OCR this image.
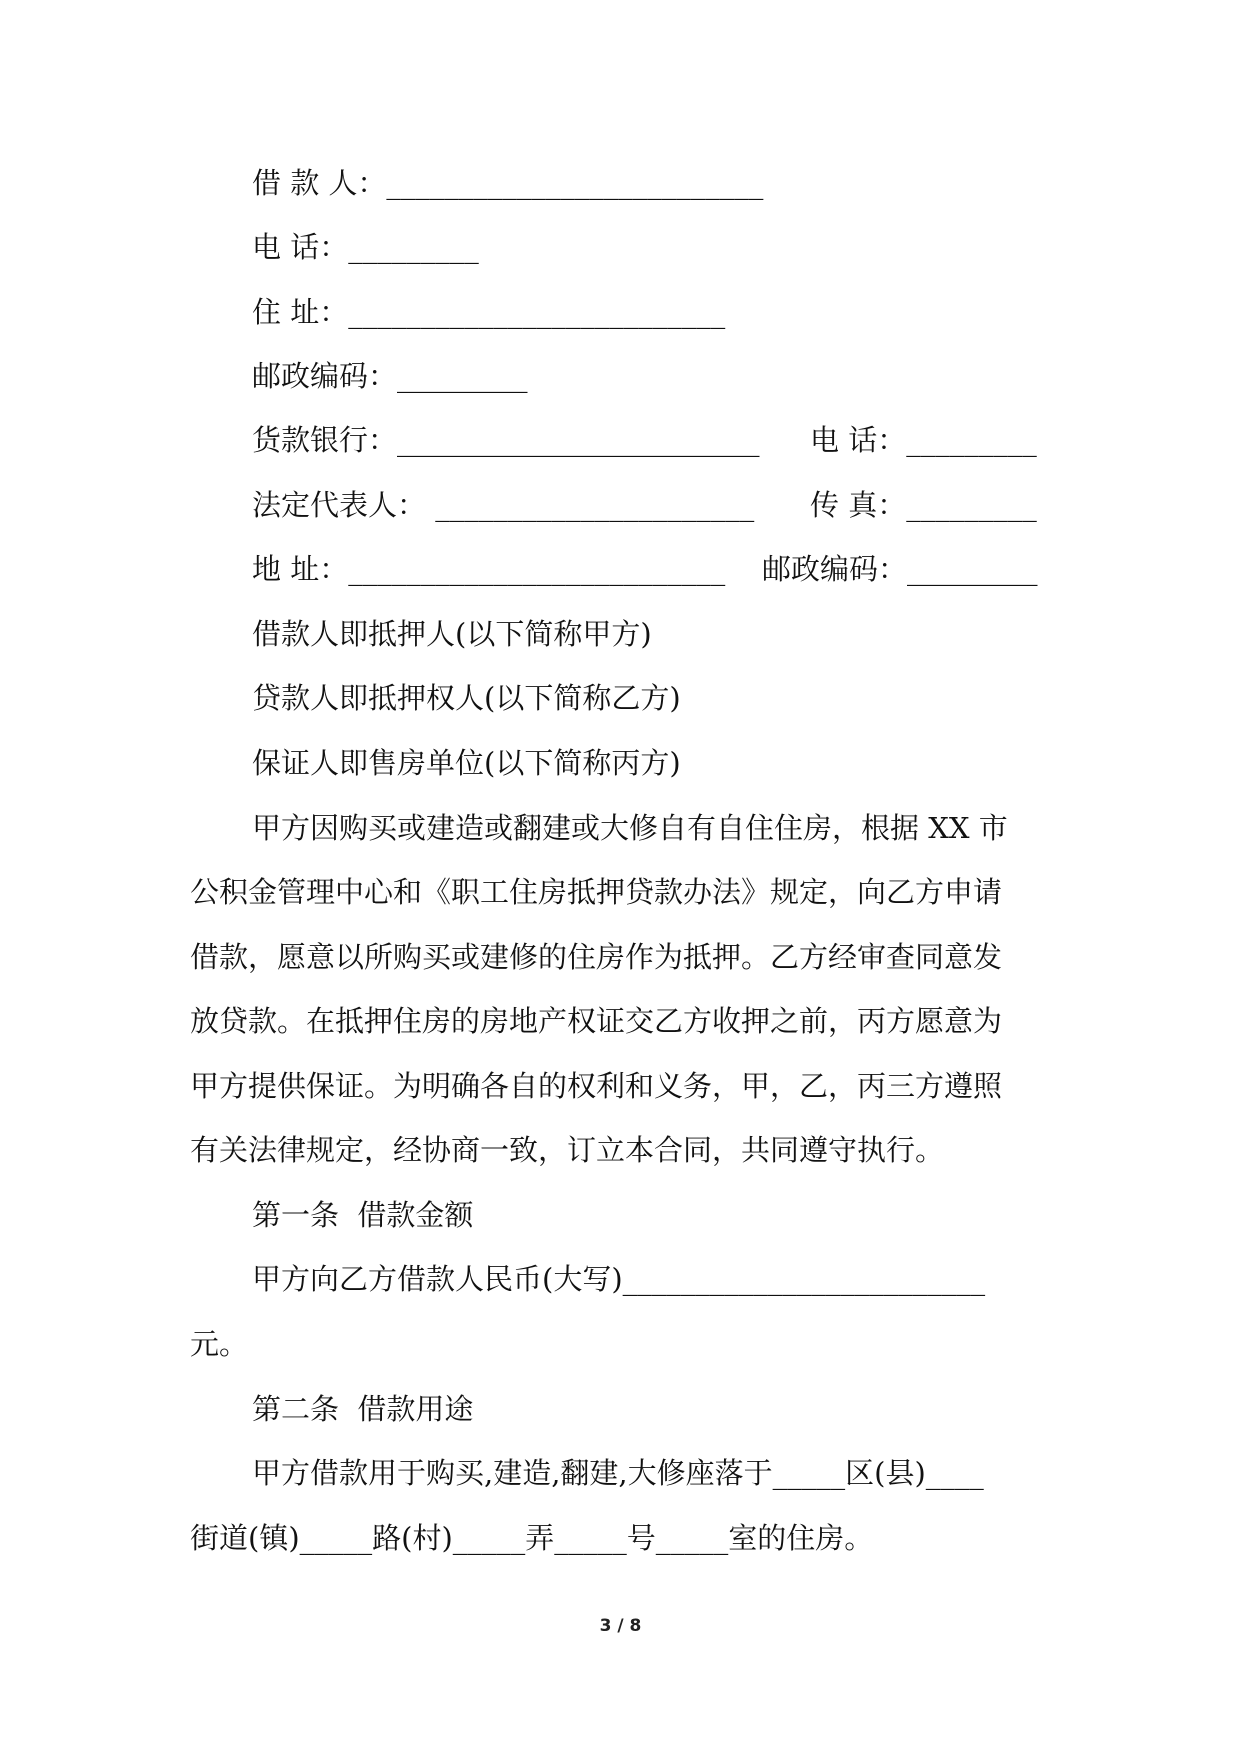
借 款 人：__________________________
电 话：_________
住 址：__________________________
邮政编码：_________
货款银行：_________________________ 电 话：_________
法定代表人： ______________________ 传 真：_________
地 址：__________________________ 邮政编码：_________
借款人即抵押人(以下简称甲方)
贷款人即抵押权人(以下简称乙方)
保证人即售房单位(以下简称丙方)
甲方因购买或建造或翻建或大修自有自住住房，根据 XX 市
公积金管理中心和《职工住房抵押贷款办法》规定，向乙方申请
借款，愿意以所购买或建修的住房作为抵押。乙方经审查同意发
放贷款。在抵押住房的房地产权证交乙方收押之前，丙方愿意为
甲方提供保证。为明确各自的权利和义务，甲，乙，丙三方遵照
有关法律规定，经协商一致，订立本合同，共同遵守执行。
第一条  借款金额
甲方向乙方借款人民币(大写)_________________________
元。
第二条  借款用途
甲方借款用于购买,建造,翻建,大修座落于_____区(县)____
街道(镇)_____路(村)_____弄_____号_____室的住房。
3 / 8
